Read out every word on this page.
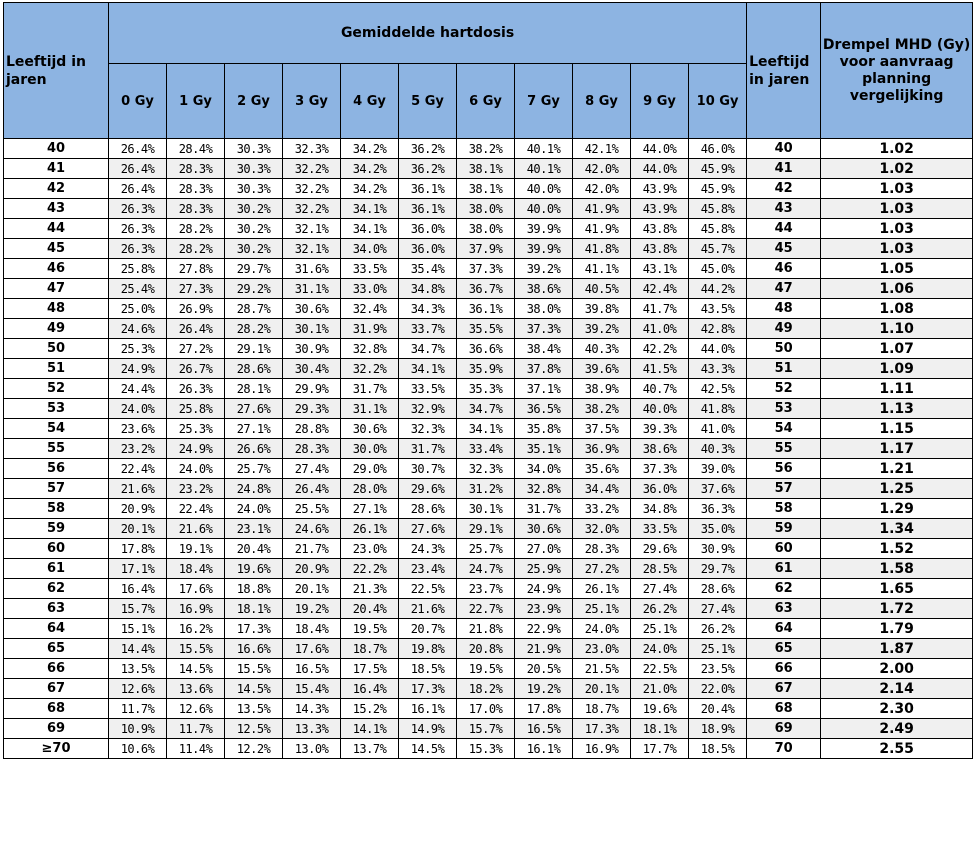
Leeftijd in jaren	Gemiddelde hartdosis											Leeftijd in jaren	Drempel MHD (Gy) voor aanvraag planning vergelijking
	0 Gy	1 Gy	2 Gy	3 Gy	4 Gy	5 Gy	6 Gy	7 Gy	8 Gy	9 Gy	10 Gy		
40	26.4%	28.4%	30.3%	32.3%	34.2%	36.2%	38.2%	40.1%	42.1%	44.0%	46.0%	40	1.02
41	26.4%	28.3%	30.3%	32.2%	34.2%	36.2%	38.1%	40.1%	42.0%	44.0%	45.9%	41	1.02
42	26.4%	28.3%	30.3%	32.2%	34.2%	36.1%	38.1%	40.0%	42.0%	43.9%	45.9%	42	1.03
43	26.3%	28.3%	30.2%	32.2%	34.1%	36.1%	38.0%	40.0%	41.9%	43.9%	45.8%	43	1.03
44	26.3%	28.2%	30.2%	32.1%	34.1%	36.0%	38.0%	39.9%	41.9%	43.8%	45.8%	44	1.03
45	26.3%	28.2%	30.2%	32.1%	34.0%	36.0%	37.9%	39.9%	41.8%	43.8%	45.7%	45	1.03
46	25.8%	27.8%	29.7%	31.6%	33.5%	35.4%	37.3%	39.2%	41.1%	43.1%	45.0%	46	1.05
47	25.4%	27.3%	29.2%	31.1%	33.0%	34.8%	36.7%	38.6%	40.5%	42.4%	44.2%	47	1.06
48	25.0%	26.9%	28.7%	30.6%	32.4%	34.3%	36.1%	38.0%	39.8%	41.7%	43.5%	48	1.08
49	24.6%	26.4%	28.2%	30.1%	31.9%	33.7%	35.5%	37.3%	39.2%	41.0%	42.8%	49	1.10
50	25.3%	27.2%	29.1%	30.9%	32.8%	34.7%	36.6%	38.4%	40.3%	42.2%	44.0%	50	1.07
51	24.9%	26.7%	28.6%	30.4%	32.2%	34.1%	35.9%	37.8%	39.6%	41.5%	43.3%	51	1.09
52	24.4%	26.3%	28.1%	29.9%	31.7%	33.5%	35.3%	37.1%	38.9%	40.7%	42.5%	52	1.11
53	24.0%	25.8%	27.6%	29.3%	31.1%	32.9%	34.7%	36.5%	38.2%	40.0%	41.8%	53	1.13
54	23.6%	25.3%	27.1%	28.8%	30.6%	32.3%	34.1%	35.8%	37.5%	39.3%	41.0%	54	1.15
55	23.2%	24.9%	26.6%	28.3%	30.0%	31.7%	33.4%	35.1%	36.9%	38.6%	40.3%	55	1.17
56	22.4%	24.0%	25.7%	27.4%	29.0%	30.7%	32.3%	34.0%	35.6%	37.3%	39.0%	56	1.21
57	21.6%	23.2%	24.8%	26.4%	28.0%	29.6%	31.2%	32.8%	34.4%	36.0%	37.6%	57	1.25
58	20.9%	22.4%	24.0%	25.5%	27.1%	28.6%	30.1%	31.7%	33.2%	34.8%	36.3%	58	1.29
59	20.1%	21.6%	23.1%	24.6%	26.1%	27.6%	29.1%	30.6%	32.0%	33.5%	35.0%	59	1.34
60	17.8%	19.1%	20.4%	21.7%	23.0%	24.3%	25.7%	27.0%	28.3%	29.6%	30.9%	60	1.52
61	17.1%	18.4%	19.6%	20.9%	22.2%	23.4%	24.7%	25.9%	27.2%	28.5%	29.7%	61	1.58
62	16.4%	17.6%	18.8%	20.1%	21.3%	22.5%	23.7%	24.9%	26.1%	27.4%	28.6%	62	1.65
63	15.7%	16.9%	18.1%	19.2%	20.4%	21.6%	22.7%	23.9%	25.1%	26.2%	27.4%	63	1.72
64	15.1%	16.2%	17.3%	18.4%	19.5%	20.7%	21.8%	22.9%	24.0%	25.1%	26.2%	64	1.79
65	14.4%	15.5%	16.6%	17.6%	18.7%	19.8%	20.8%	21.9%	23.0%	24.0%	25.1%	65	1.87
66	13.5%	14.5%	15.5%	16.5%	17.5%	18.5%	19.5%	20.5%	21.5%	22.5%	23.5%	66	2.00
67	12.6%	13.6%	14.5%	15.4%	16.4%	17.3%	18.2%	19.2%	20.1%	21.0%	22.0%	67	2.14
68	11.7%	12.6%	13.5%	14.3%	15.2%	16.1%	17.0%	17.8%	18.7%	19.6%	20.4%	68	2.30
69	10.9%	11.7%	12.5%	13.3%	14.1%	14.9%	15.7%	16.5%	17.3%	18.1%	18.9%	69	2.49
≥70	10.6%	11.4%	12.2%	13.0%	13.7%	14.5%	15.3%	16.1%	16.9%	17.7%	18.5%	70	2.55
